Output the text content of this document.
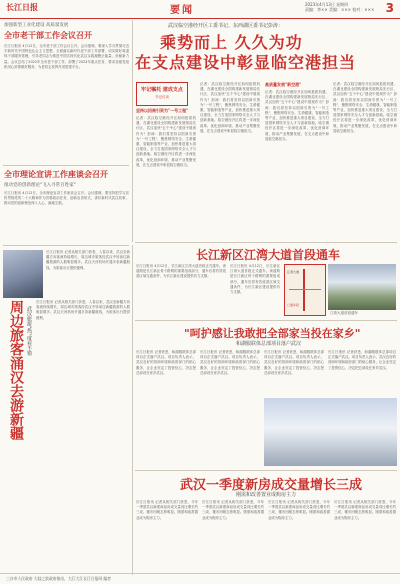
长江日报	要闻
2023年4月13日 星期四
责编：李×× 美编：××× 校对：××× 3
加强新型工业化建设 高质量发展
全市老干部工作会议召开
长江日报讯 4月12日，全市老干部工作会议召开。会议强调，要深入学习贯彻习近平新时代中国特色社会主义思想，全面落实新时代老干部工作部署，切实做好离退休干部服务管理，引导老同志为推进中国式现代化武汉实践凝聚正能量、贡献新力量。会议总结了2022年全市老干部工作，部署了2023年重点任务，要求各级党组织用心用情做好服务，为老同志发挥作用搭建平台。
全市理论宣讲工作座谈会召开
推动党的创新理论"飞入寻常百姓家"
长江日报讯 4月12日，全市理论宣讲工作座谈会召开。会议强调，要坚持把学习宣传贯彻党的二十大精神作为首要政治任务，创新宣讲形式，讲好新时代武汉故事，推动党的创新理论深入人心、落地生根。
长江日报讯 记者从相关部门获悉，入春以来，武汉至新疆方向客流持续增长，周边城市旅客经武汉中转前往新疆旅游的人数明显增多。武汉天河机场开通多条新疆航线，为旅客出行提供便利。
周边旅客涌汉去游新疆 武汉旅游"热"度看不错
长江日报讯 记者从相关部门获悉，入春以来，武汉至新疆方向客流持续增长，周边城市旅客经武汉中转前往新疆旅游的人数明显增多。武汉天河机场开通多条新疆航线，为旅客出行提供便利。
武汉临空港经开区工委书记、东西湖区委书记彭涛：
乘势而上 久久为功
在支点建设中彰显临空港担当
牢记嘱托 建成支点
书记访谈
坚持以招商引资为"一号工程"
记者：武汉临空港经开区如何抢抓机遇，在湖北建设全国构建新发展格局先行区、武汉加快"五个中心"建设中展现作为？彭涛：我们将坚持以招商引资为"一号工程"，聚焦网络安全、生命健康、智能制造等产业，加快推进重大项目建设，全力打造国家网络安全人才与创新基地。临空港经开区将进一步深化改革，优化营商环境，推动产业集聚发展，在支点建设中彰显临空港担当。
记者：武汉临空港经开区如何抢抓机遇，在湖北建设全国构建新发展格局先行区、武汉加快"五个中心"建设中展现作为？彭涛：我们将坚持以招商引资为"一号工程"，聚焦网络安全、生命健康、智能制造等产业，加快推进重大项目建设，全力打造国家网络安全人才与创新基地。临空港经开区将进一步深化改革，优化营商环境，推动产业集聚发展，在支点建设中彰显临空港担当。
高质量发展"新空港"
记者：武汉临空港经开区如何抢抓机遇，在湖北建设全国构建新发展格局先行区、武汉加快"五个中心"建设中展现作为？彭涛：我们将坚持以招商引资为"一号工程"，聚焦网络安全、生命健康、智能制造等产业，加快推进重大项目建设，全力打造国家网络安全人才与创新基地。临空港经开区将进一步深化改革，优化营商环境，推动产业集聚发展，在支点建设中彰显临空港担当。
记者：武汉临空港经开区如何抢抓机遇，在湖北建设全国构建新发展格局先行区、武汉加快"五个中心"建设中展现作为？彭涛：我们将坚持以招商引资为"一号工程"，聚焦网络安全、生命健康、智能制造等产业，加快推进重大项目建设，全力打造国家网络安全人才与创新基地。临空港经开区将进一步深化改革，优化营商环境，推动产业集聚发展，在支点建设中彰显临空港担当。
长江新区江湾大道首段通车
长江日报讯 4月12日，长江新区江湾大道首段正式通车。该道路是长江新区骨干路网的重要组成部分，通车后将有效改善区域交通条件，为长江新区建设提供有力支撑。
长江日报讯 4月12日，长江新区江湾大道首段正式通车。该道路是长江新区骨干路网的重要组成部分，通车后将有效改善区域交通条件，为长江新区建设提供有力支撑。
江湾大道
已通车段
江湾大道首段通车
"呵护感让我敢把全部家当投在家乡"
和湖服联体总部项目落户武汉
长江日报讯 记者获悉，和湖服联体总部项目正式落户武汉。项目负责人表示，武汉良好的营商环境和政府部门的贴心服务，让企业坚定了投资信心，决定把总部设在家乡武汉。
长江日报讯 记者获悉，和湖服联体总部项目正式落户武汉。项目负责人表示，武汉良好的营商环境和政府部门的贴心服务，让企业坚定了投资信心，决定把总部设在家乡武汉。
长江日报讯 记者获悉，和湖服联体总部项目正式落户武汉。项目负责人表示，武汉良好的营商环境和政府部门的贴心服务，让企业坚定了投资信心，决定把总部设在家乡武汉。
长江日报讯 记者获悉，和湖服联体总部项目正式落户武汉。项目负责人表示，武汉良好的营商环境和政府部门的贴心服务，让企业坚定了投资信心，决定把总部设在家乡武汉。
武汉一季度新房成交量增长三成
刚需和改善置业成购房主力
长江日报讯 记者从相关部门获悉，今年一季度武汉新建商品房成交量同比增长约三成，楼市回暖态势明显。刚需和改善置业成为购房主力。
长江日报讯 记者从相关部门获悉，今年一季度武汉新建商品房成交量同比增长约三成，楼市回暖态势明显。刚需和改善置业成为购房主力。
长江日报讯 记者从相关部门获悉，今年一季度武汉新建商品房成交量同比增长约三成，楼市回暖态势明显。刚需和改善置业成为购房主力。
长江日报讯 记者从相关部门获悉，今年一季度武汉新建商品房成交量同比增长约三成，楼市回暖态势明显。刚需和改善置业成为购房主力。
三沙市人民政府 大陆之滨政府推出，大江大江长江日报网 编者
